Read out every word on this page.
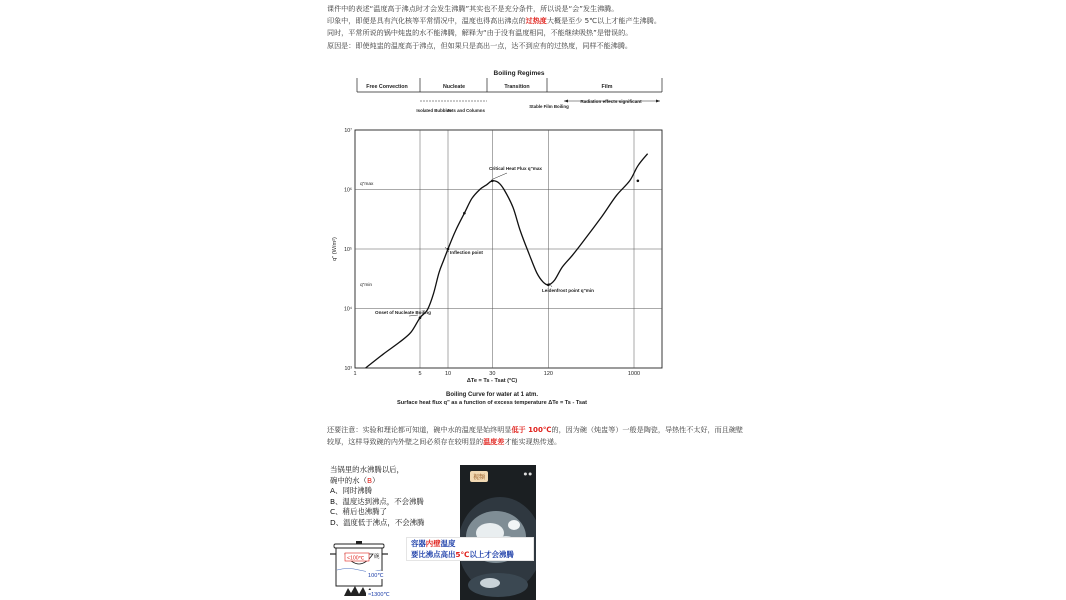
课件中的表述“温度高于沸点时才会发生沸腾”其实也不是充分条件，所以说是“会”发生沸腾。
印象中，即便是具有汽化核等平常情况中，温度也得高出沸点的过热度大概是至少 5℃以上才能产生沸腾。
同时，平常所说的锅中炖盅的水不能沸腾，解释为“由于没有温度相同，不能继续吸热”是错误的。
原因是：即使炖盅的温度高于沸点，但如果只是高出一点，达不到应有的过热度，同样不能沸腾。
Boiling Regimes
Free Convection	Nucleate	Transition	Film
Isolated Bubbles
Jets and Columns
Stable Film Boiling
Radiation effects significant
1	5	10	30	120	1000
10³
10⁴
10⁵
10⁶
10⁷
ΔTe = Ts - Tsat (°C)
q" (W/m²)
q"max
q"min
Critical Heat Flux q"max
Inflection point
Leidenfrost point q"min
Onset of Nucleate Boiling
Boiling Curve for water at 1 atm.
Surface heat flux q" as a function of excess temperature ΔTe = Ts - Tsat
还要注意：实验和理论都可知道，碗中水的温度是始终明显低于 100℃的，因为碗（炖盅等）一般是陶瓷，导热性不太好，而且碗壁较厚，这样导致碗的内外壁之间必须存在较明显的温度差才能实现热传递。
当锅里的水沸腾以后，
碗中的水（B）
A、同时沸腾
B、温度达到沸点，不会沸腾
C、稍后也沸腾了
D、温度低于沸点，不会沸腾
<100℃ 碗
100℃
≈1300℃
视频
● ●
容器内壁温度
要比沸点高出5℃以上才会沸腾
